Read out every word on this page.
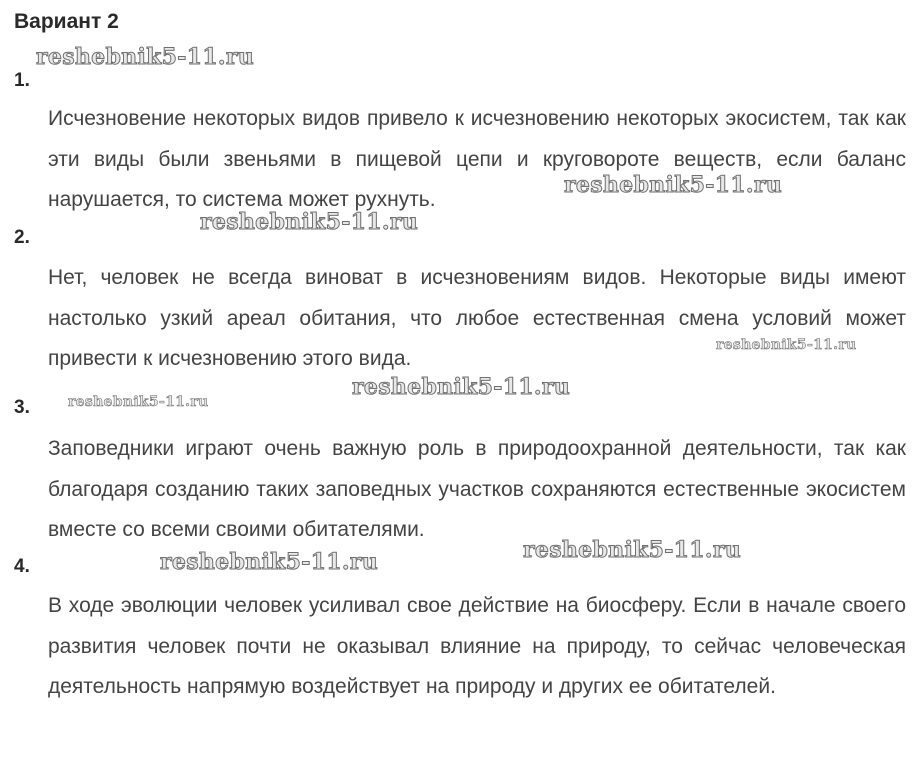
Вариант 2
1.
Исчезновение некоторых видов привело к исчезновению некоторых экосистем, так как эти виды были звеньями в пищевой цепи и круговороте веществ, если баланс нарушается, то система может рухнуть.
2.
Нет, человек не всегда виноват в исчезновениям видов. Некоторые виды имеют настолько узкий ареал обитания, что любое естественная смена условий может привести к исчезновению этого вида.
3.
Заповедники играют очень важную роль в природоохранной деятельности, так как благодаря созданию таких заповедных участков сохраняются естественные экосистем вместе со всеми своими обитателями.
4.
В ходе эволюции человек усиливал свое действие на биосферу. Если в начале своего развития человек почти не оказывал влияние на природу, то сейчас человеческая деятельность напрямую воздействует на природу и других ее обитателей.
reshebnik5-11.ru
reshebnik5-11.ru
reshebnik5-11.ru
reshebnik5-11.ru
reshebnik5-11.ru
reshebnik5-11.ru
reshebnik5-11.ru
reshebnik5-11.ru
